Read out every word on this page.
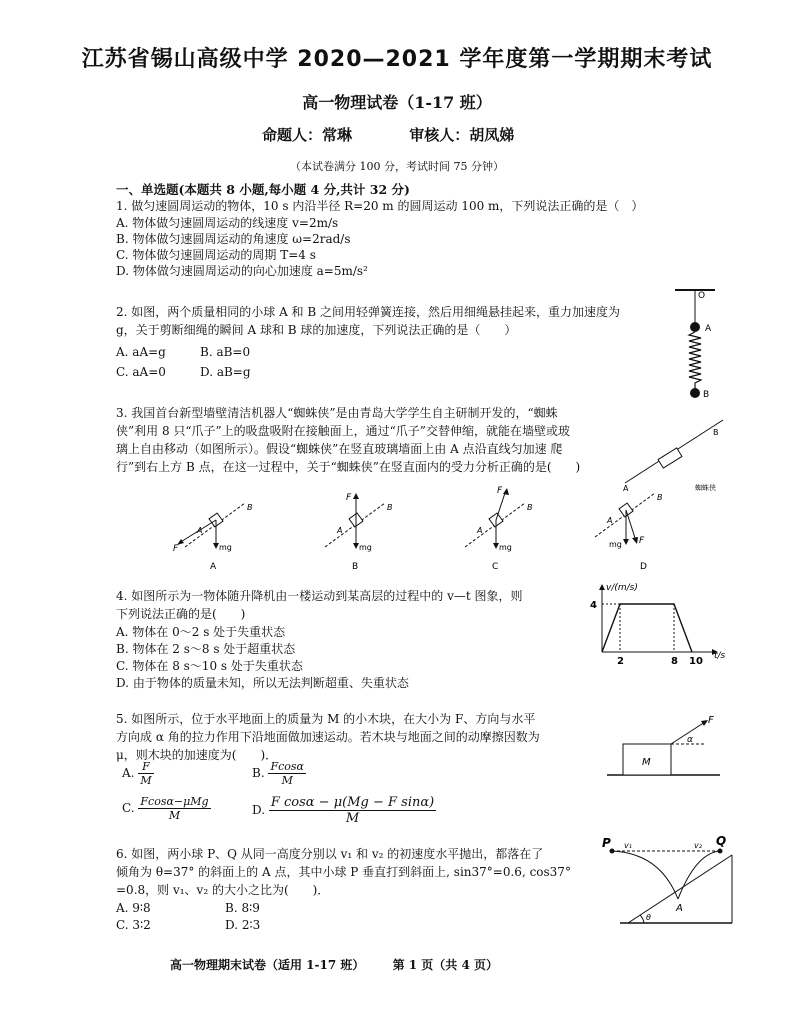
江苏省锡山高级中学 2020—2021 学年度第一学期期末考试
高一物理试卷（1-17 班）
命题人：常琳	审核人：胡凤娣
（本试卷满分 100 分，考试时间 75 分钟）
一、单选题(本题共 8 小题,每小题 4 分,共计 32 分)
1. 做匀速圆周运动的物体，10 s 内沿半径 R=20 m 的圆周运动 100 m，下列说法正确的是（　）
A. 物体做匀速圆周运动的线速度 v=2m/s
B. 物体做匀速圆周运动的角速度 ω=2rad/s
C. 物体做匀速圆周运动的周期 T=4 s
D. 物体做匀速圆周运动的向心加速度 a=5m/s²
2. 如图，两个质量相同的小球 A 和 B 之间用轻弹簧连接，然后用细绳悬挂起来，重力加速度为
g，关于剪断细绳的瞬间 A 球和 B 球的加速度，下列说法正确的是（　　）
A. aA=g	B. aB=0
C. aA=0	D. aB=g
O
A
B
3. 我国首台新型墙壁清洁机器人“蜘蛛侠”是由青岛大学学生自主研制开发的，“蜘蛛
侠”利用 8 只“爪子”上的吸盘吸附在接触面上，通过“爪子”交替伸缩，就能在墙壁或玻
璃上自由移动（如图所示）。假设“蜘蛛侠”在竖直玻璃墙面上由 A 点沿直线匀加速 爬
行”到右上方 B 点，在这一过程中，关于“蜘蛛侠”在竖直面内的受力分析正确的是(　　)
A
B
蜘蛛侠
F	mg
B
A
A
F
mg
B
A
B
F
mg
B
A
C
F
mg
B
A
D
4. 如图所示为一物体随升降机由一楼运动到某高层的过程中的 v—t 图象，则
下列说法正确的是(　　)
A. 物体在 0～2 s 处于失重状态
B. 物体在 2 s～8 s 处于超重状态
C. 物体在 8 s～10 s 处于失重状态
D. 由于物体的质量未知，所以无法判断超重、失重状态
2	8 10
4
v/(m/s)
t/s
5. 如图所示，位于水平地面上的质量为 M 的小木块，在大小为 F、方向与水平
方向成 α 角的拉力作用下沿地面做加速运动。若木块与地面之间的动摩擦因数为
μ，则木块的加速度为(　　)．
A. $\frac{F}{M}$	B. $\frac{Fcos\alpha}{M}$
C. $\frac{\text{Fcosα−μMg}}{M}$	D. $\frac{\text{F cosα − μ(Mg − F sinα)}}{M}$
F
α
M
6. 如图，两小球 P、Q 从同一高度分别以 v₁ 和 v₂ 的初速度水平抛出，都落在了
倾角为 θ=37° 的斜面上的 A 点，其中小球 P 垂直打到斜面上, sin37°=0.6, cos37°
=0.8，则 v₁、v₂ 的大小之比为(　　)．
A. 9∶8	B. 8∶9
C. 3∶2	D. 2∶3
P	Q
v₁	v₂
A
θ
高一物理期末试卷（适用 1-17 班） 第 1 页（共 4 页）
